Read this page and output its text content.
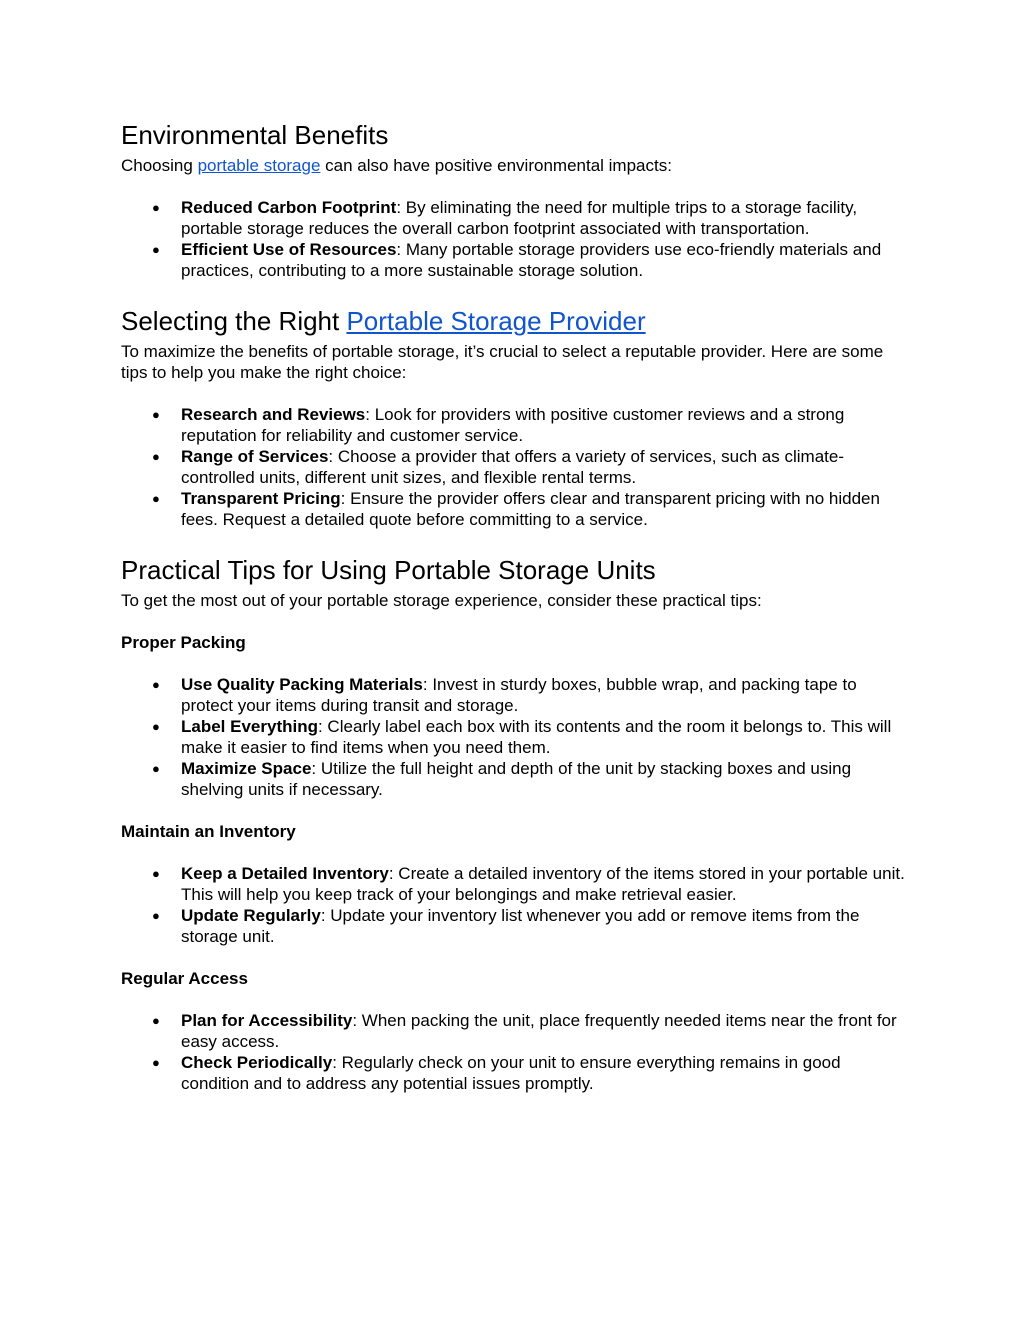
Environmental Benefits

Choosing portable storage can also have positive environmental impacts:

● Reduced Carbon Footprint: By eliminating the need for multiple trips to a storage facility, portable storage reduces the overall carbon footprint associated with transportation.
● Efficient Use of Resources: Many portable storage providers use eco-friendly materials and practices, contributing to a more sustainable storage solution.
Selecting the Right Portable Storage Provider

To maximize the benefits of portable storage, it’s crucial to select a reputable provider. Here are some tips to help you make the right choice:

● Research and Reviews: Look for providers with positive customer reviews and a strong reputation for reliability and customer service.
● Range of Services: Choose a provider that offers a variety of services, such as climate-controlled units, different unit sizes, and flexible rental terms.
● Transparent Pricing: Ensure the provider offers clear and transparent pricing with no hidden fees. Request a detailed quote before committing to a service.
Practical Tips for Using Portable Storage Units

To get the most out of your portable storage experience, consider these practical tips:

Proper Packing
● Use Quality Packing Materials: Invest in sturdy boxes, bubble wrap, and packing tape to protect your items during transit and storage.
● Label Everything: Clearly label each box with its contents and the room it belongs to. This will make it easier to find items when you need them.
● Maximize Space: Utilize the full height and depth of the unit by stacking boxes and using shelving units if necessary.
Maintain an Inventory
● Keep a Detailed Inventory: Create a detailed inventory of the items stored in your portable unit. This will help you keep track of your belongings and make retrieval easier.
● Update Regularly: Update your inventory list whenever you add or remove items from the storage unit.
Regular Access
● Plan for Accessibility: When packing the unit, place frequently needed items near the front for easy access.
● Check Periodically: Regularly check on your unit to ensure everything remains in good condition and to address any potential issues promptly.
